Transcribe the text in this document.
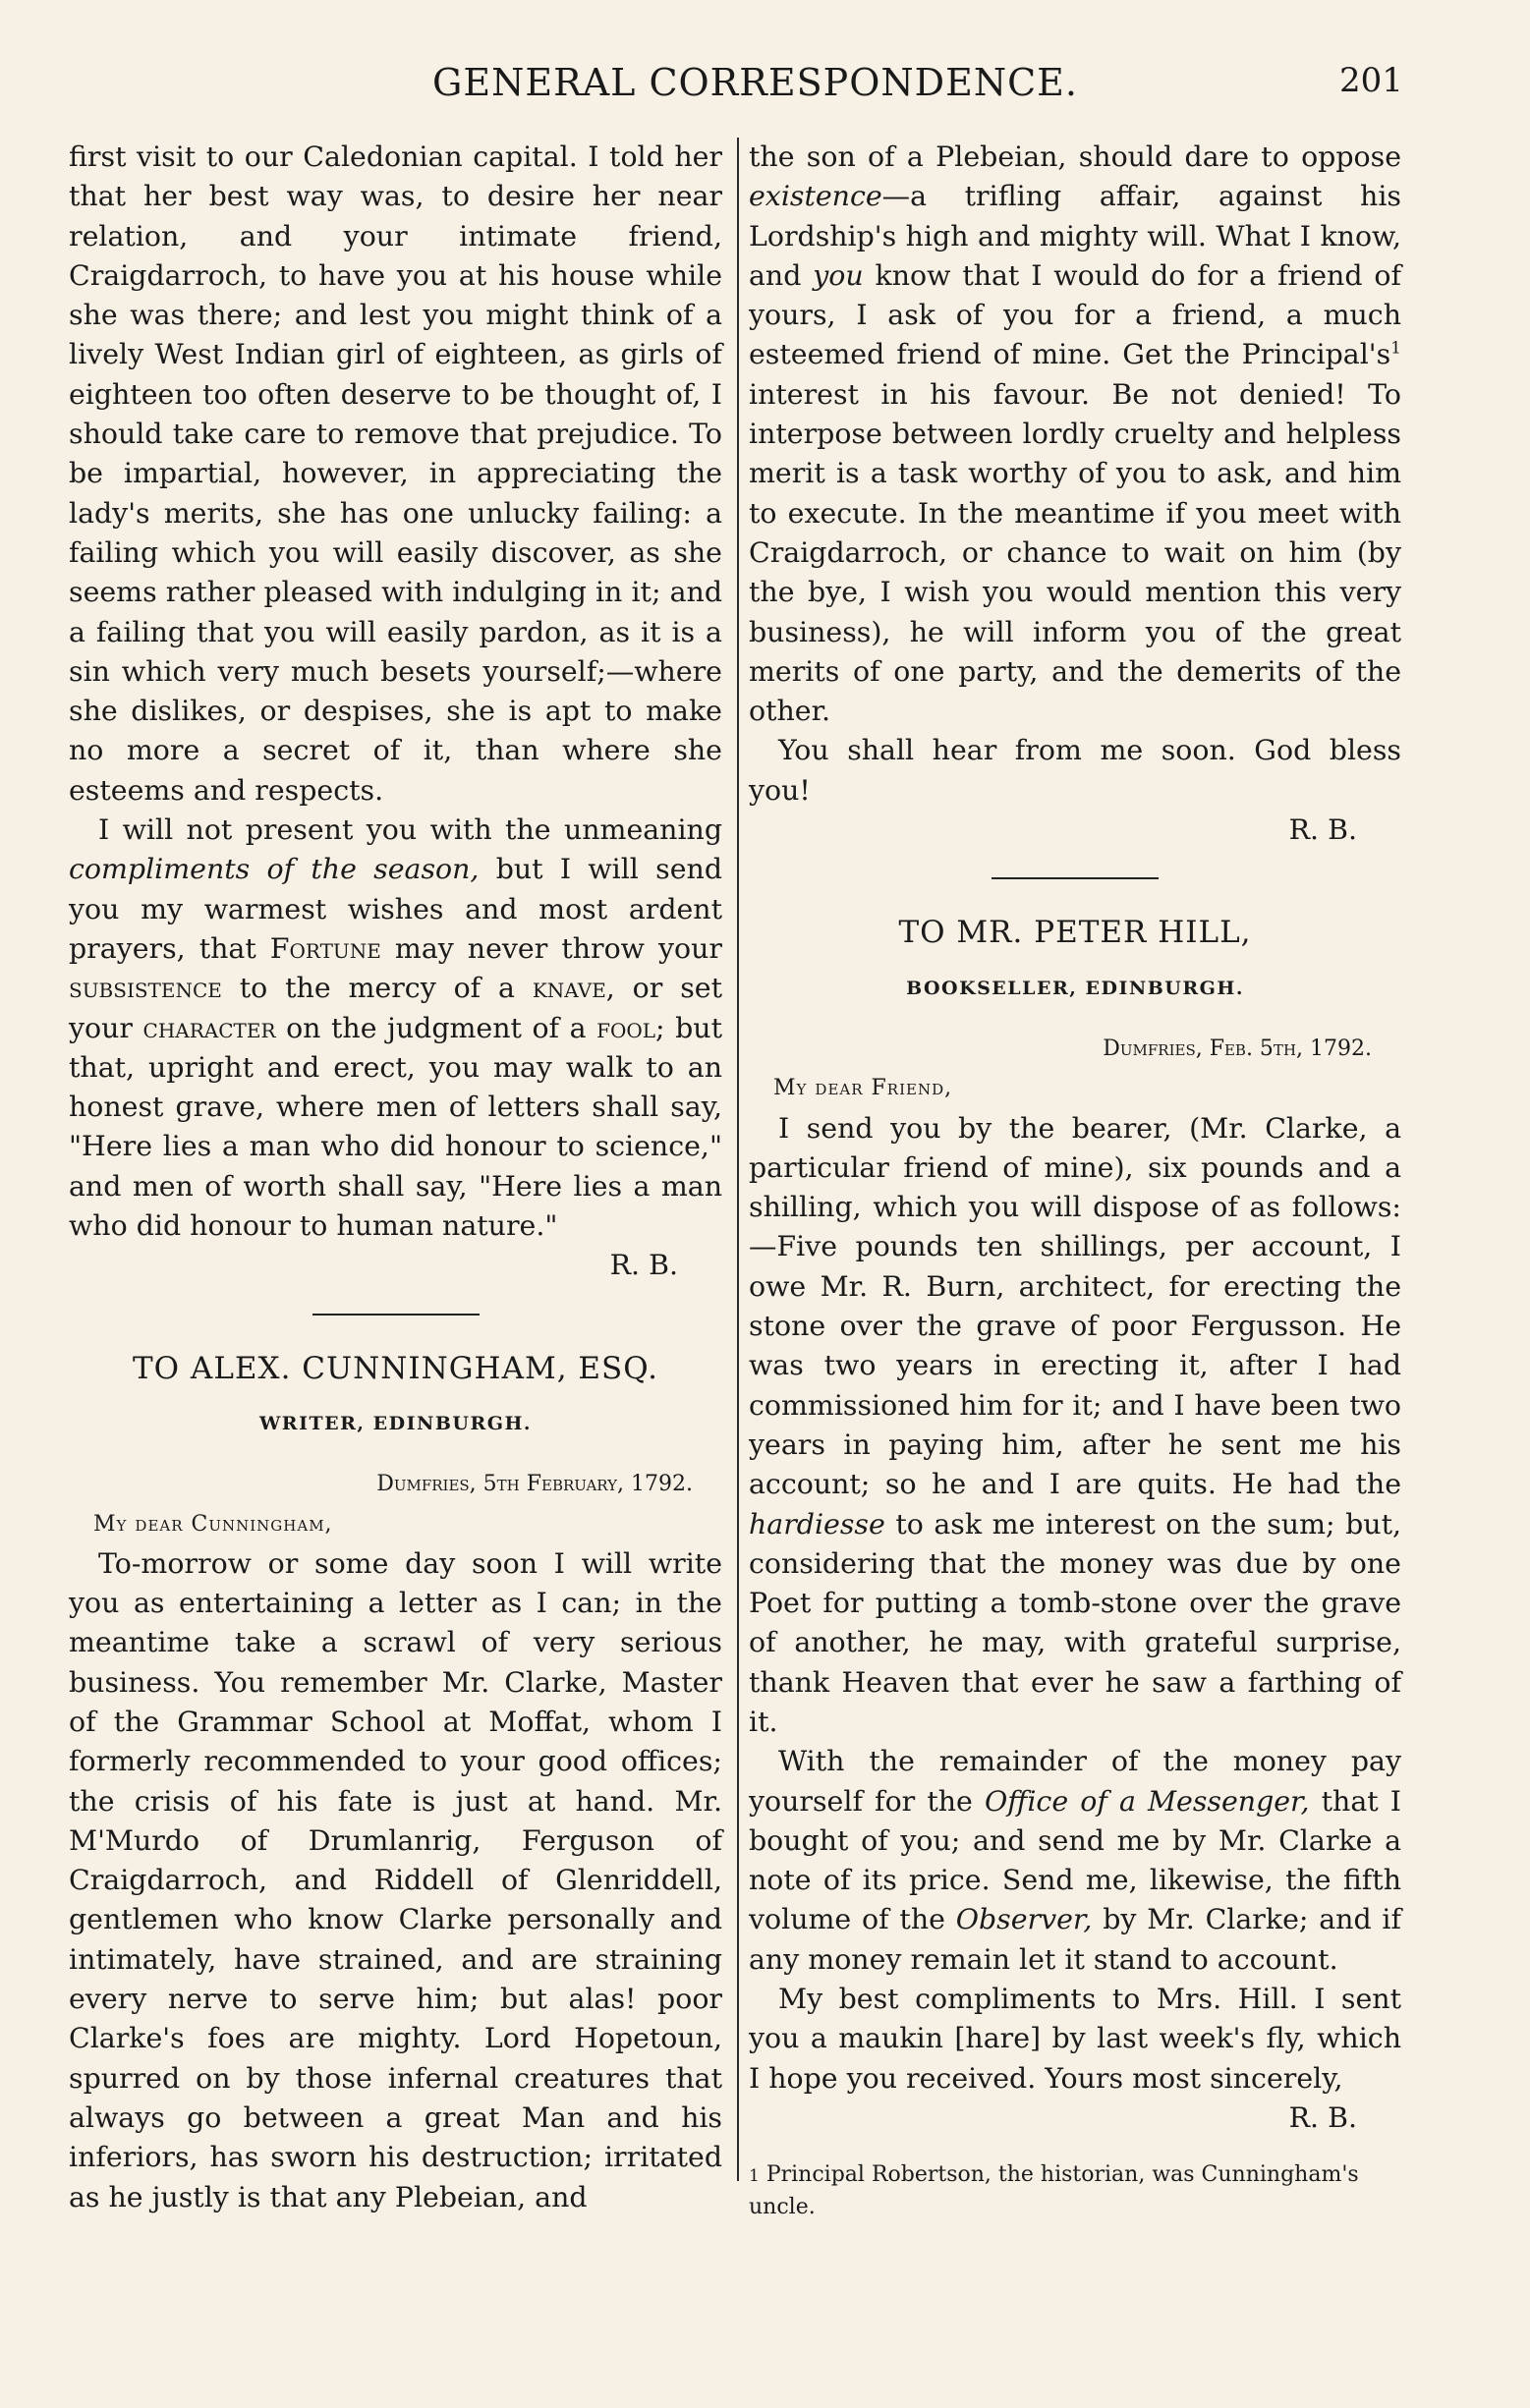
GENERAL CORRESPONDENCE.	201

first visit to our Caledonian capital. I told her that her best way was, to desire her near relation, and your intimate friend, Craigdarroch, to have you at his house while she was there; and lest you might think of a lively West Indian girl of eighteen, as girls of eighteen too often deserve to be thought of, I should take care to remove that prejudice. To be impartial, however, in appreciating the lady's merits, she has one unlucky failing: a failing which you will easily discover, as she seems rather pleased with indulging in it; and a failing that you will easily pardon, as it is a sin which very much besets yourself;—where she dislikes, or despises, she is apt to make no more a secret of it, than where she esteems and respects.

I will not present you with the unmeaning compliments of the season, but I will send you my warmest wishes and most ardent prayers, that Fortune may never throw your subsistence to the mercy of a knave, or set your character on the judgment of a fool; but that, upright and erect, you may walk to an honest grave, where men of letters shall say, "Here lies a man who did honour to science," and men of worth shall say, "Here lies a man who did honour to human nature."

R. B.

TO ALEX. CUNNINGHAM, ESQ.

WRITER, EDINBURGH.

Dumfries, 5th February, 1792.

My dear Cunningham,

To-morrow or some day soon I will write you as entertaining a letter as I can; in the meantime take a scrawl of very serious business. You remember Mr. Clarke, Master of the Grammar School at Moffat, whom I formerly recommended to your good offices; the crisis of his fate is just at hand. Mr. M'Murdo of Drumlanrig, Ferguson of Craigdarroch, and Riddell of Glenriddell, gentlemen who know Clarke personally and intimately, have strained, and are straining every nerve to serve him; but alas! poor Clarke's foes are mighty. Lord Hopetoun, spurred on by those infernal creatures that always go between a great Man and his inferiors, has sworn his destruction; irritated as he justly is that any Plebeian, and

the son of a Plebeian, should dare to oppose existence—a trifling affair, against his Lordship's high and mighty will. What I know, and you know that I would do for a friend of yours, I ask of you for a friend, a much esteemed friend of mine. Get the $Principal's^1$ interest in his favour. Be not denied! To interpose between lordly cruelty and helpless merit is a task worthy of you to ask, and him to execute. In the meantime if you meet with Craigdarroch, or chance to wait on him (by the bye, I wish you would mention this very business), he will inform you of the great merits of one party, and the demerits of the other.

You shall hear from me soon. God bless you!

R. B.

TO MR. PETER HILL,

BOOKSELLER, EDINBURGH.

Dumfries, Feb. 5th, 1792.

My dear Friend,

I send you by the bearer, (Mr. Clarke, a particular friend of mine), six pounds and a shilling, which you will dispose of as follows: —Five pounds ten shillings, per account, I owe Mr. R. Burn, architect, for erecting the stone over the grave of poor Fergusson. He was two years in erecting it, after I had commissioned him for it; and I have been two years in paying him, after he sent me his account; so he and I are quits. He had the hardiesse to ask me interest on the sum; but, considering that the money was due by one Poet for putting a tomb-stone over the grave of another, he may, with grateful surprise, thank Heaven that ever he saw a farthing of it.

With the remainder of the money pay yourself for the Office of a Messenger, that I bought of you; and send me by Mr. Clarke a note of its price. Send me, likewise, the fifth volume of the Observer, by Mr. Clarke; and if any money remain let it stand to account.

My best compliments to Mrs. Hill. I sent you a maukin [hare] by last week's fly, which I hope you received. Yours most sincerely,

R. B.

1 Principal Robertson, the historian, was Cunningham's uncle.
